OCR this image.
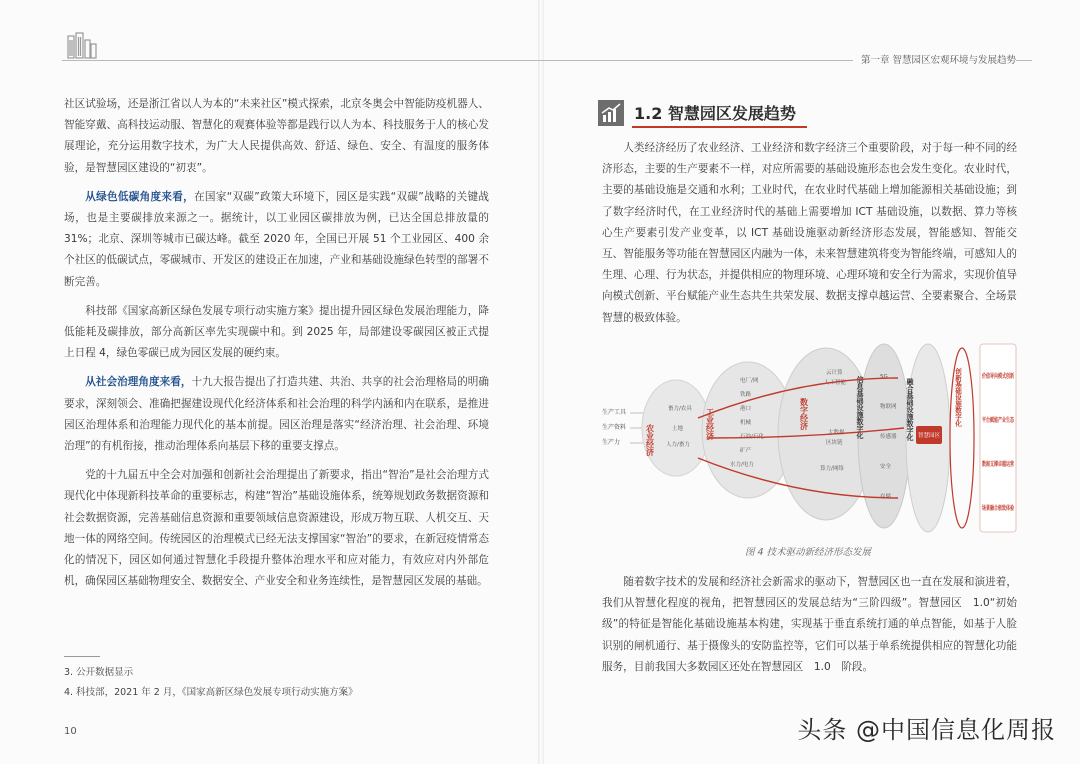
第一章 智慧园区宏观环境与发展趋势

社区试验场，还是浙江省以人为本的“未来社区”模式探索，北京冬奥会中智能防疫机器人、智能穿戴、高科技运动服、智慧化的观赛体验等都是践行以人为本、科技服务于人的核心发展理论，充分运用数字技术，为广大人民提供高效、舒适、绿色、安全、有温度的服务体验，是智慧园区建设的“初衷”。

从绿色低碳角度来看，在国家“双碳”政策大环境下，园区是实践“双碳”战略的关键战场，也是主要碳排放来源之一。据统计，以工业园区碳排放为例，已达全国总排放量的31%；北京、深圳等城市已碳达峰。截至 2020 年，全国已开展 51 个工业园区、400 余个社区的低碳试点，零碳城市、开发区的建设正在加速，产业和基础设施绿色转型的部署不断完善。

科技部《国家高新区绿色发展专项行动实施方案》提出提升园区绿色发展治理能力，降低能耗及碳排放，部分高新区率先实现碳中和。到 2025 年，局部建设零碳园区被正式提上日程 4，绿色零碳已成为园区发展的硬约束。

从社会治理角度来看，十九大报告提出了打造共建、共治、共享的社会治理格局的明确要求，深刻领会、准确把握建设现代化经济体系和社会治理的科学内涵和内在联系，是推进园区治理体系和治理能力现代化的基本前提。园区治理是落实“经济治理、社会治理、环境治理”的有机衔接，推动治理体系向基层下移的重要支撑点。

党的十九届五中全会对加强和创新社会治理提出了新要求，指出“智治”是社会治理方式现代化中体现新科技革命的重要标志，构建“智治”基础设施体系，统筹规划政务数据资源和社会数据资源，完善基础信息资源和重要领域信息资源建设，形成万物互联、人机交互、天地一体的网络空间。传统园区的治理模式已经无法支撑国家“智治”的要求，在新冠疫情常态化的情况下，园区如何通过智慧化手段提升整体治理水平和应对能力，有效应对内外部危机，确保园区基础物理安全、数据安全、产业安全和业务连续性，是智慧园区发展的基础。

3. 公开数据显示
4. 科技部，2021 年 2 月，《国家高新区绿色发展专项行动实施方案》
10
1.2 智慧园区发展趋势

人类经济经历了农业经济、工业经济和数字经济三个重要阶段，对于每一种不同的经济形态，主要的生产要素不一样，对应所需要的基础设施形态也会发生变化。农业时代，主要的基础设施是交通和水利；工业时代，在农业时代基础上增加能源相关基础设施；到了数字经济时代，在工业经济时代的基础上需要增加 ICT 基础设施，以数据、算力等核心生产要素引发产业变革，以 ICT 基础设施驱动新经济形态发展，智能感知、智能交互、智能服务等功能在智慧园区内融为一体，未来智慧建筑将变为智能终端，可感知人的生理、心理、行为状态，并提供相应的物理环境、心理环境和安全行为需求，实现价值导向模式创新、平台赋能产业生态共生共荣发展、数据支撑卓越运营、全要素聚合、全场景智慧的极致体验。

生产工具
生产资料
生产力	农业经济
畜力/农具
土地
人力/畜力
工业经济
电厂/网
铁路
港口
机械
石油/石化
矿产
水力/电力
数字经济
云计算
人工智能
大数据
区块链
算力/网络
信息基础设施数字化	5G
物联网
传感器
安全
存储
融合基础设施数字化 智慧园区
创新基础设施数字化	价值导向模式创新
平台赋能产业生态
数据支撑卓越运营
场景融合极致体验
图 4 技术驱动新经济形态发展

随着数字技术的发展和经济社会新需求的驱动下，智慧园区也一直在发展和演进着，我们从智慧化程度的视角，把智慧园区的发展总结为“三阶四级”。智慧园区　1.0“初始级”的特征是智能化基础设施基本构建，实现基于垂直系统打通的单点智能，如基于人脸识别的闸机通行、基于摄像头的安防监控等，它们可以基于单系统提供相应的智慧化功能服务，目前我国大多数园区还处在智慧园区　1.0　阶段。

头条 @中国信息化周报
